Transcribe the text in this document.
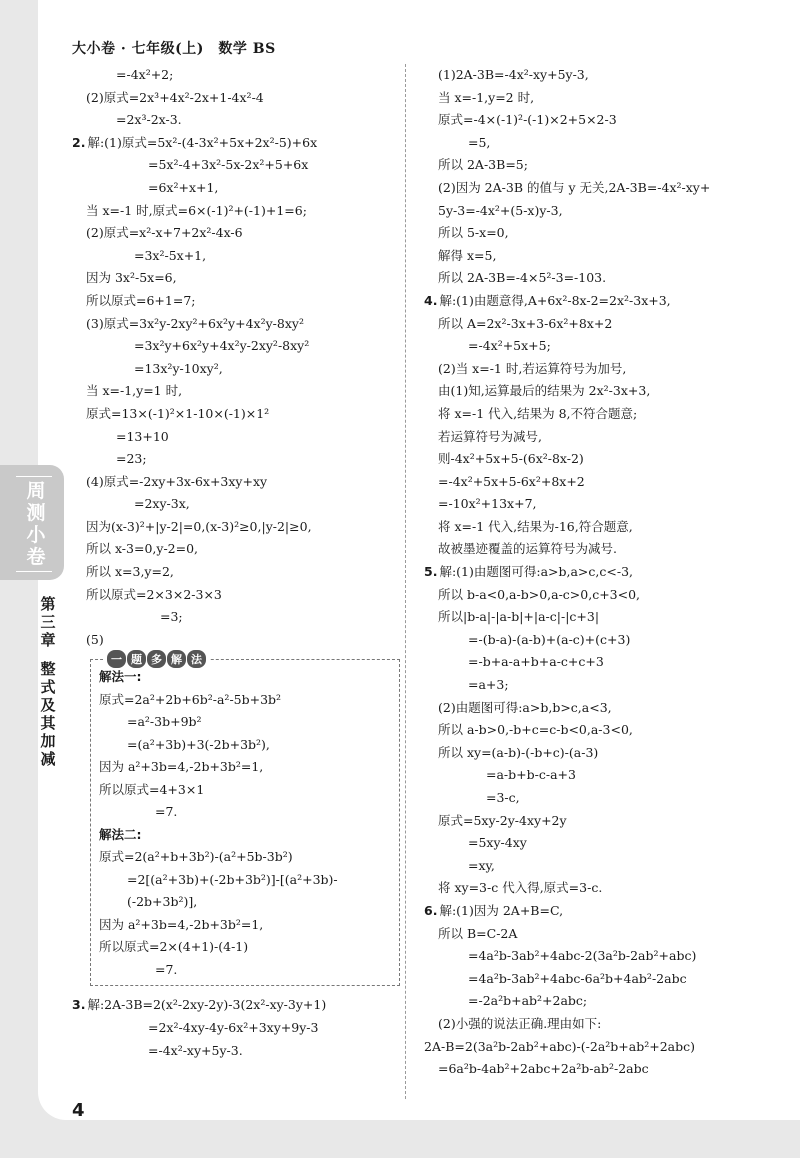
大小卷 · 七年级(上)　数学 BS
周测小卷
第三章
整式及其加减
=-4x²+2;
(2)原式=2x³+4x²-2x+1-4x²-4
=2x³-2x-3.
2. 解:(1)原式=5x²-(4-3x²+5x+2x²-5)+6x
=5x²-4+3x²-5x-2x²+5+6x
=6x²+x+1,
当 x=-1 时,原式=6×(-1)²+(-1)+1=6;
(2)原式=x²-x+7+2x²-4x-6
=3x²-5x+1,
因为 3x²-5x=6,
所以原式=6+1=7;
(3)原式=3x²y-2xy²+6x²y+4x²y-8xy²
=3x²y+6x²y+4x²y-2xy²-8xy²
=13x²y-10xy²,
当 x=-1,y=1 时,
原式=13×(-1)²×1-10×(-1)×1²
=13+10
=23;
(4)原式=-2xy+3x-6x+3xy+xy
=2xy-3x,
因为(x-3)²+|y-2|=0,(x-3)²≥0,|y-2|≥0,
所以 x-3=0,y-2=0,
所以 x=3,y=2,
所以原式=2×3×2-3×3
=3;
(5)
一 题 多 解 法
解法一:
原式=2a²+2b+6b²-a²-5b+3b²
=a²-3b+9b²
=(a²+3b)+3(-2b+3b²),
因为 a²+3b=4,-2b+3b²=1,
所以原式=4+3×1
=7.
解法二:
原式=2(a²+b+3b²)-(a²+5b-3b²)
=2[(a²+3b)+(-2b+3b²)]-[(a²+3b)-
(-2b+3b²)],
因为 a²+3b=4,-2b+3b²=1,
所以原式=2×(4+1)-(4-1)
=7.
3. 解:2A-3B=2(x²-2xy-2y)-3(2x²-xy-3y+1)
=2x²-4xy-4y-6x²+3xy+9y-3
=-4x²-xy+5y-3.
(1)2A-3B=-4x²-xy+5y-3,
当 x=-1,y=2 时,
原式=-4×(-1)²-(-1)×2+5×2-3
=5,
所以 2A-3B=5;
(2)因为 2A-3B 的值与 y 无关,2A-3B=-4x²-xy+
5y-3=-4x²+(5-x)y-3,
所以 5-x=0,
解得 x=5,
所以 2A-3B=-4×5²-3=-103.
4. 解:(1)由题意得,A+6x²-8x-2=2x²-3x+3,
所以 A=2x²-3x+3-6x²+8x+2
=-4x²+5x+5;
(2)当 x=-1 时,若运算符号为加号,
由(1)知,运算最后的结果为 2x²-3x+3,
将 x=-1 代入,结果为 8,不符合题意;
若运算符号为减号,
则-4x²+5x+5-(6x²-8x-2)
=-4x²+5x+5-6x²+8x+2
=-10x²+13x+7,
将 x=-1 代入,结果为-16,符合题意,
故被墨迹覆盖的运算符号为减号.
5. 解:(1)由题图可得:a>b,a>c,c<-3,
所以 b-a<0,a-b>0,a-c>0,c+3<0,
所以|b-a|-|a-b|+|a-c|-|c+3|
=-(b-a)-(a-b)+(a-c)+(c+3)
=-b+a-a+b+a-c+c+3
=a+3;
(2)由题图可得:a>b,b>c,a<3,
所以 a-b>0,-b+c=c-b<0,a-3<0,
所以 xy=(a-b)-(-b+c)-(a-3)
=a-b+b-c-a+3
=3-c,
原式=5xy-2y-4xy+2y
=5xy-4xy
=xy,
将 xy=3-c 代入得,原式=3-c.
6. 解:(1)因为 2A+B=C,
所以 B=C-2A
=4a²b-3ab²+4abc-2(3a²b-2ab²+abc)
=4a²b-3ab²+4abc-6a²b+4ab²-2abc
=-2a²b+ab²+2abc;
(2)小强的说法正确.理由如下:
2A-B=2(3a²b-2ab²+abc)-(-2a²b+ab²+2abc)
=6a²b-4ab²+2abc+2a²b-ab²-2abc
4
